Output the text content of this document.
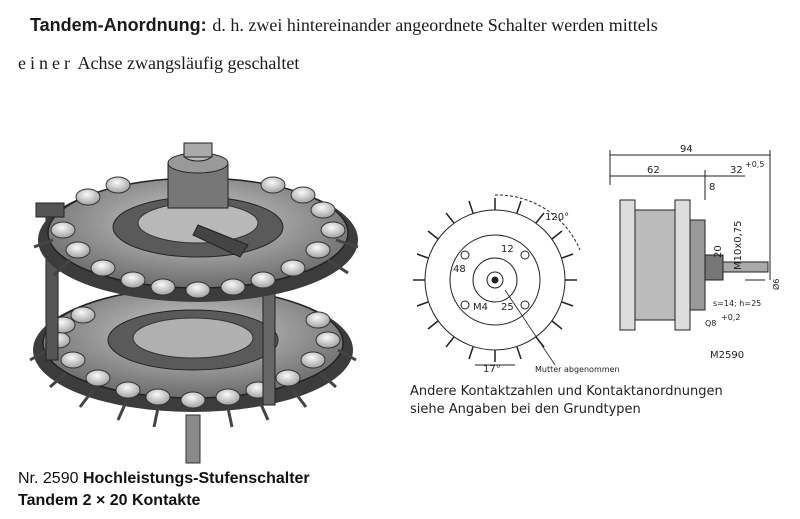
Tandem-Anordnung: d. h. zwei hintereinander angeordnete Schalter werden mittels
einer Achse zwangsläufig geschaltet
120°
17°
48
25
M4
12
Mutter abgenommen
94
62	32
+0,5
8
20 M10x0,75
Ø6
s=14; h=25
Q8
+0,2
M2590
Andere Kontaktzahlen und Kontaktanordnungen
siehe Angaben bei den Grundtypen
Nr. 2590 Hochleistungs-Stufenschalter
Tandem 2 × 20 Kontakte
